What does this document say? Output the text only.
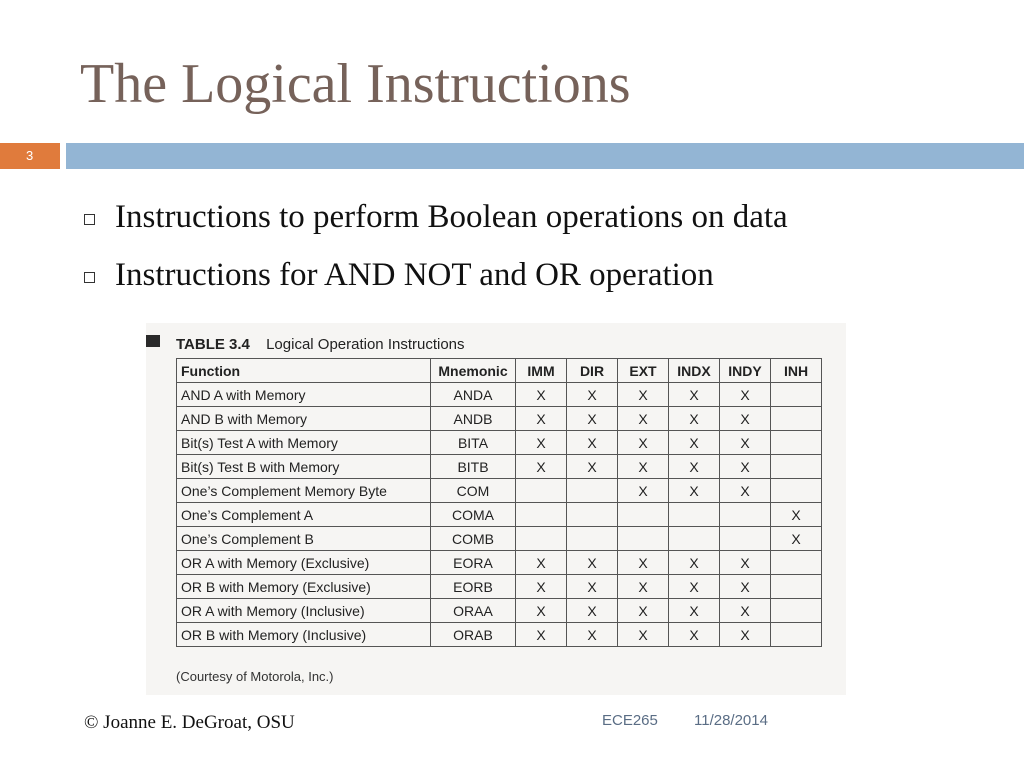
The Logical Instructions
3
Instructions to perform Boolean operations on data
Instructions for AND NOT and OR operation
TABLE 3.4 Logical Operation Instructions
Function	Mnemonic	IMM	DIR	EXT	INDX	INDY	INH
AND A with Memory	ANDA	X	X	X	X	X	
AND B with Memory	ANDB	X	X	X	X	X	
Bit(s) Test A with Memory	BITA	X	X	X	X	X	
Bit(s) Test B with Memory	BITB	X	X	X	X	X	
One’s Complement Memory Byte	COM			X	X	X	
One’s Complement A	COMA						X
One’s Complement B	COMB						X
OR A with Memory (Exclusive)	EORA	X	X	X	X	X	
OR B with Memory (Exclusive)	EORB	X	X	X	X	X	
OR A with Memory (Inclusive)	ORAA	X	X	X	X	X	
OR B with Memory (Inclusive)	ORAB	X	X	X	X	X	
(Courtesy of Motorola, Inc.)
© Joanne E. DeGroat, OSU	ECE265 11/28/2014
